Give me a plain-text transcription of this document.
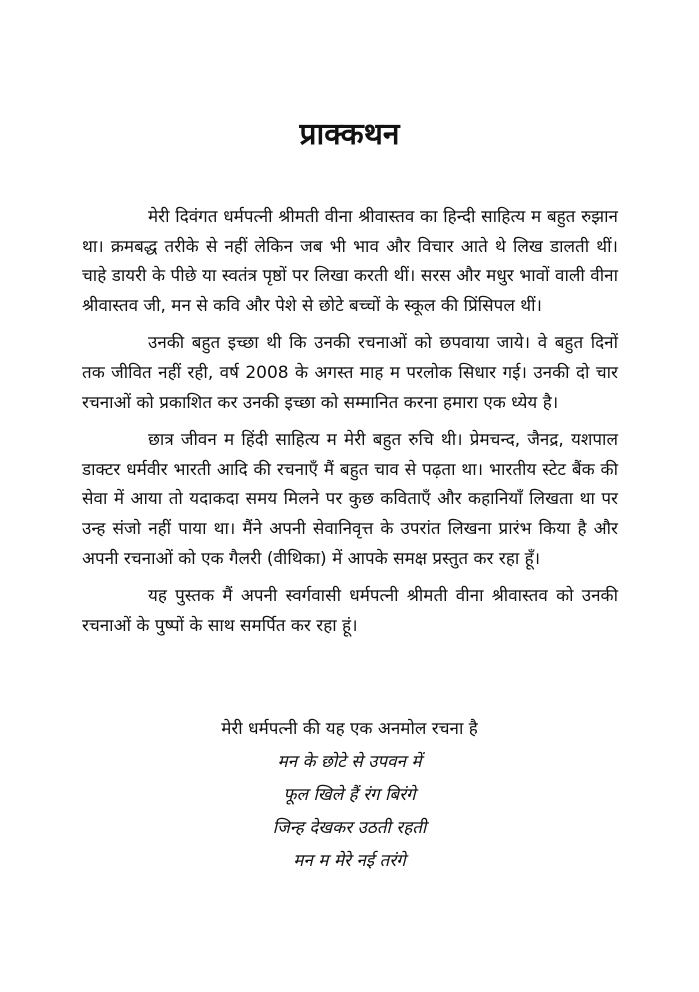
प्राक्कथन

मेरी दिवंगत धर्मपत्नी श्रीमती वीना श्रीवास्तव का हिन्दी साहित्य म बहुत रुझान था। क्रमबद्ध तरीके से नहीं लेकिन जब भी भाव और विचार आते थे लिख डालती थीं। चाहे डायरी के पीछे या स्वतंत्र पृष्ठों पर लिखा करती थीं। सरस और मधुर भावों वाली वीना श्रीवास्तव जी, मन से कवि और पेशे से छोटे बच्चों के स्कूल की प्रिंसिपल थीं।

उनकी बहुत इच्छा थी कि उनकी रचनाओं को छपवाया जाये। वे बहुत दिनों तक जीवित नहीं रही, वर्ष 2008 के अगस्त माह म परलोक सिधार गई। उनकी दो चार रचनाओं को प्रकाशित कर उनकी इच्छा को सम्मानित करना हमारा एक ध्येय है।

छात्र जीवन म हिंदी साहित्य म मेरी बहुत रुचि थी। प्रेमचन्द, जैनद्र, यशपाल डाक्टर धर्मवीर भारती आदि की रचनाएँ मैं बहुत चाव से पढ़ता था। भारतीय स्टेट बैंक की सेवा में आया तो यदाकदा समय मिलने पर कुछ कविताएँ और कहानियाँ लिखता था पर उन्ह संजो नहीं पाया था। मैंने अपनी सेवानिवृत्त के उपरांत लिखना प्रारंभ किया है और अपनी रचनाओं को एक गैलरी (वीथिका) में आपके समक्ष प्रस्तुत कर रहा हूँ।

यह पुस्तक मैं अपनी स्वर्गवासी धर्मपत्नी श्रीमती वीना श्रीवास्तव को उनकी रचनाओं के पुष्पों के साथ समर्पित कर रहा हूं।

मेरी धर्मपत्नी की यह एक अनमोल रचना है
मन के छोटे से उपवन में
फूल खिले हैं रंग बिरंगे
जिन्ह देखकर उठती रहती
मन म मेरे नई तरंगे
